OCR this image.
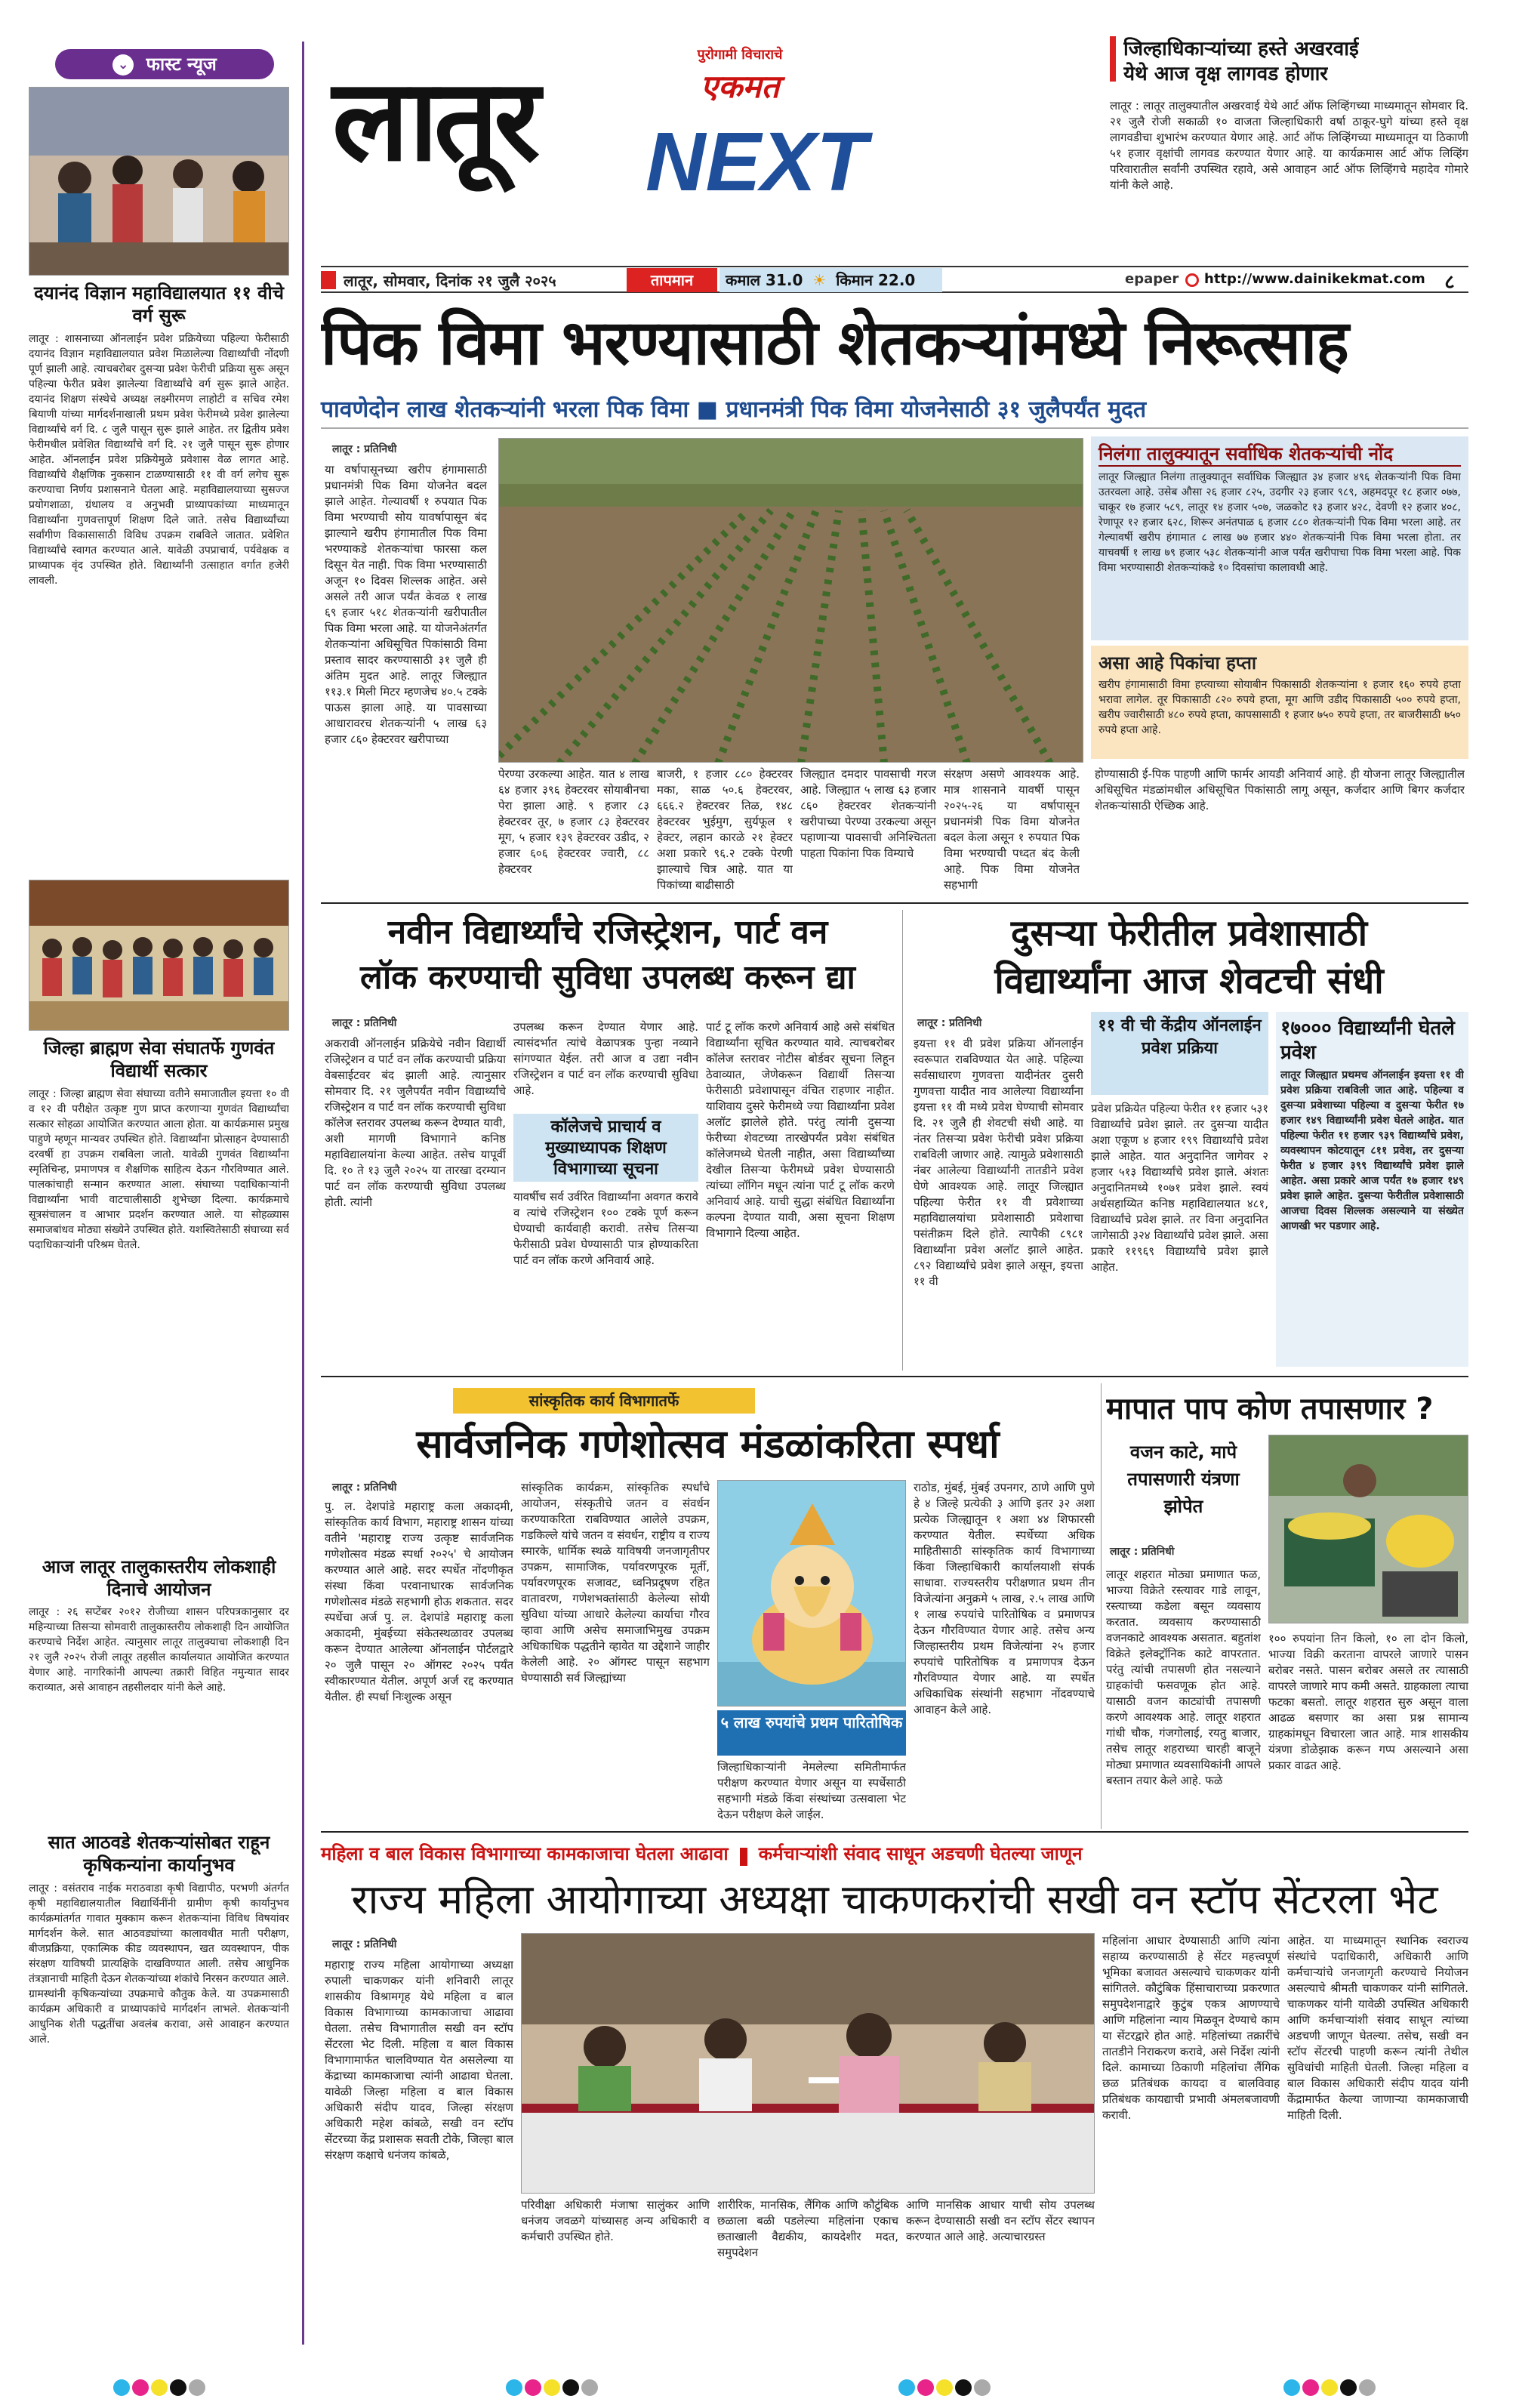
⌄ फास्ट न्यूज
दयानंद विज्ञान महाविद्यालयात ११ वीचे वर्ग सुरू
लातूर : शासनाच्या ऑनलाईन प्रवेश प्रक्रियेच्या पहिल्या फेरीसाठी दयानंद विज्ञान महाविद्यालयात प्रवेश मिळालेल्या विद्यार्थ्यांची नोंदणी पूर्ण झाली आहे. त्याचबरोबर दुसऱ्या प्रवेश फेरीची प्रक्रिया सुरू असून पहिल्या फेरीत प्रवेश झालेल्या विद्यार्थ्यांचे वर्ग सुरू झाले आहेत. दयानंद शिक्षण संस्थेचे अध्यक्ष लक्ष्मीरमण लाहोटी व सचिव रमेश बियाणी यांच्या मार्गदर्शनाखाली प्रथम प्रवेश फेरीमध्ये प्रवेश झालेल्या विद्यार्थ्यांचे वर्ग दि. ८ जुलै पासून सुरू झाले आहेत. तर द्वितीय प्रवेश फेरीमधील प्रवेशित विद्यार्थ्यांचे वर्ग दि. २१ जुलै पासून सुरू होणार आहेत. ऑनलाईन प्रवेश प्रक्रियेमुळे प्रवेशास वेळ लागत आहे. विद्यार्थ्यांचे शैक्षणिक नुकसान टाळण्यासाठी ११ वी वर्ग लगेच सुरू करण्याचा निर्णय प्रशासनाने घेतला आहे. महाविद्यालयाच्या सुसज्ज प्रयोगशाळा, ग्रंथालय व अनुभवी प्राध्यापकांच्या माध्यमातून विद्यार्थ्यांना गुणवत्तापूर्ण शिक्षण दिले जाते. तसेच विद्यार्थ्यांच्या सर्वांगीण विकासासाठी विविध उपक्रम राबविले जातात. प्रवेशित विद्यार्थ्यांचे स्वागत करण्यात आले. यावेळी उपप्राचार्य, पर्यवेक्षक व प्राध्यापक वृंद उपस्थित होते. विद्यार्थ्यांनी उत्साहात वर्गात हजेरी लावली.
जिल्हा ब्राह्मण सेवा संघातर्फे गुणवंत विद्यार्थी सत्कार
लातूर : जिल्हा ब्राह्मण सेवा संघाच्या वतीने समाजातील इयत्ता १० वी व १२ वी परीक्षेत उत्कृष्ट गुण प्राप्त करणाऱ्या गुणवंत विद्यार्थ्यांचा सत्कार सोहळा आयोजित करण्यात आला होता. या कार्यक्रमास प्रमुख पाहुणे म्हणून मान्यवर उपस्थित होते. विद्यार्थ्यांना प्रोत्साहन देण्यासाठी दरवर्षी हा उपक्रम राबविला जातो. यावेळी गुणवंत विद्यार्थ्यांना स्मृतिचिन्ह, प्रमाणपत्र व शैक्षणिक साहित्य देऊन गौरविण्यात आले. पालकांचाही सन्मान करण्यात आला. संघाच्या पदाधिकाऱ्यांनी विद्यार्थ्यांना भावी वाटचालीसाठी शुभेच्छा दिल्या. कार्यक्रमाचे सूत्रसंचालन व आभार प्रदर्शन करण्यात आले. या सोहळ्यास समाजबांधव मोठ्या संख्येने उपस्थित होते. यशस्वितेसाठी संघाच्या सर्व पदाधिकाऱ्यांनी परिश्रम घेतले.
आज लातूर तालुकास्तरीय लोकशाही दिनाचे आयोजन
लातूर : २६ सप्टेंबर २०१२ रोजीच्या शासन परिपत्रकानुसार दर महिन्याच्या तिसऱ्या सोमवारी तालुकास्तरीय लोकशाही दिन आयोजित करण्याचे निर्देश आहेत. त्यानुसार लातूर तालुक्याचा लोकशाही दिन २१ जुलै २०२५ रोजी लातूर तहसील कार्यालयात आयोजित करण्यात येणार आहे. नागरिकांनी आपल्या तक्रारी विहित नमुन्यात सादर कराव्यात, असे आवाहन तहसीलदार यांनी केले आहे.
सात आठवडे शेतकऱ्यांसोबत राहून कृषिकन्यांना कार्यानुभव
लातूर : वसंतराव नाईक मराठवाडा कृषी विद्यापीठ, परभणी अंतर्गत कृषी महाविद्यालयातील विद्यार्थिनींनी ग्रामीण कृषी कार्यानुभव कार्यक्रमांतर्गत गावात मुक्काम करून शेतकऱ्यांना विविध विषयांवर मार्गदर्शन केले. सात आठवड्यांच्या कालावधीत माती परीक्षण, बीजप्रक्रिया, एकात्मिक कीड व्यवस्थापन, खत व्यवस्थापन, पीक संरक्षण याविषयी प्रात्यक्षिके दाखविण्यात आली. तसेच आधुनिक तंत्रज्ञानाची माहिती देऊन शेतकऱ्यांच्या शंकांचे निरसन करण्यात आले. ग्रामस्थांनी कृषिकन्यांच्या उपक्रमाचे कौतुक केले. या उपक्रमासाठी कार्यक्रम अधिकारी व प्राध्यापकांचे मार्गदर्शन लाभले. शेतकऱ्यांनी आधुनिक शेती पद्धतींचा अवलंब करावा, असे आवाहन करण्यात आले.
लातूर
पुरोगामी विचाराचे
एकमत
NEXT
लातूर, सोमवार, दिनांक २१ जुलै २०२५	तापमान	कमाल 31.0 ☀ किमान 22.0	epaper http://www.dainikekmat.com ८
जिल्हाधिकाऱ्यांच्या हस्ते अखरवाई
येथे आज वृक्ष लागवड होणार
लातूर : लातूर तालुक्यातील अखरवाई येथे आर्ट ऑफ लिव्हिंगच्या माध्यमातून सोमवार दि. २१ जुलै रोजी सकाळी १० वाजता जिल्हाधिकारी वर्षा ठाकूर-घुगे यांच्या हस्ते वृक्ष लागवडीचा शुभारंभ करण्यात येणार आहे. आर्ट ऑफ लिव्हिंगच्या माध्यमातून या ठिकाणी ५१ हजार वृक्षांची लागवड करण्यात येणार आहे. या कार्यक्रमास आर्ट ऑफ लिव्हिंग परिवारातील सर्वांनी उपस्थित रहावे, असे आवाहन आर्ट ऑफ लिव्हिंगचे महादेव गोमारे यांनी केले आहे.
पिक विमा भरण्यासाठी शेतकऱ्यांमध्ये निरूत्साह
पावणेदोन लाख शेतकऱ्यांनी भरला पिक विमा ■ प्रधानमंत्री पिक विमा योजनेसाठी ३१ जुलैपर्यंत मुदत
लातूर : प्रतिनिधी
या वर्षापासूनच्या खरीप हंगामासाठी प्रधानमंत्री पिक विमा योजनेत बदल झाले आहेत. गेल्यावर्षी १ रुपयात पिक विमा भरण्याची सोय यावर्षापासून बंद झाल्याने खरीप हंगामातील पिक विमा भरण्याकडे शेतकऱ्यांचा फारसा कल दिसून येत नाही. पिक विमा भरण्यासाठी अजून १० दिवस शिल्लक आहेत. असे असले तरी आज पर्यंत केवळ १ लाख ६९ हजार ५१८ शेतकऱ्यांनी खरीपातील पिक विमा भरला आहे. या योजनेअंतर्गत शेतकऱ्यांना अधिसूचित पिकांसाठी विमा प्रस्ताव सादर करण्यासाठी ३१ जुलै ही अंतिम मुदत आहे. लातूर जिल्ह्यात ११३.१ मिली मिटर म्हणजेच ४०.५ टक्के पाऊस झाला आहे. या पावसाच्या आधारावरच शेतकऱ्यांनी ५ लाख ६३ हजार ८६० हेक्टरवर खरीपाच्या
पेरण्या उरकल्या आहेत. यात ४ लाख ६४ हजार ३९६ हेक्टरवर सोयाबीनचा पेरा झाला आहे. ९ हजार ८३ हेक्टरवर तूर, ७ हजार ८३ हेक्टरवर मूग, ५ हजार १३९ हेक्टरवर उडीद, २ हजार ६०६ हेक्टरवर ज्वारी, ८८ हेक्टरवर
बाजरी, १ हजार ८८० हेक्टरवर मका, साळ ५०.६ हेक्टरवर, ६६६.२ हेक्टरवर तिळ, १४८ हेक्टरवर भुईमुग, सुर्यफूल १ हेक्टर, लहान कारळे २१ हेक्टर अशा प्रकारे ९६.२ टक्के पेरणी झाल्याचे चित्र आहे. यात या पिकांच्या बाढीसाठी
जिल्ह्यात दमदार पावसाची गरज आहे. जिल्ह्यात ५ लाख ६३ हजार ८६० हेक्टरवर शेतकऱ्यांनी खरीपाच्या पेरण्या उरकल्या असून पहाणाऱ्या पावसाची अनिश्चितता पाहता पिकांना पिक विम्याचे
संरक्षण असणे आवश्यक आहे. मात्र शासनाने यावर्षी पासून २०२५-२६ या वर्षापासून प्रधानमंत्री पिक विमा योजनेत बदल केला असून १ रुपयात पिक विमा भरण्याची पध्दत बंद केली आहे. पिक विमा योजनेत सहभागी
निलंगा तालुक्यातून सर्वाधिक शेतकऱ्यांची नोंद
लातूर जिल्ह्यात निलंगा तालुक्यातून सर्वाधिक जिल्ह्यात ३४ हजार ४९६ शेतकऱ्यांनी पिक विमा उतरवला आहे. उसेब औसा २६ हजार ८२५, उदगीर २३ हजार ९८९, अहमदपूर १८ हजार ०७७, चाकूर १७ हजार ५८९, लातूर १४ हजार ५०७, जळकोट १३ हजार ४२८, देवणी १२ हजार ४०८, रेणापूर १२ हजार ६२८, शिरूर अनंतपाळ ६ हजार ८८० शेतकऱ्यांनी पिक विमा भरला आहे. तर गेल्यावर्षी खरीप हंगामात ८ लाख ७७ हजार ४४० शेतकऱ्यांनी पिक विमा भरला होता. तर याचवर्षी १ लाख ७९ हजार ५३८ शेतकऱ्यांनी आज पर्यंत खरीपाचा पिक विमा भरला आहे. पिक विमा भरण्यासाठी शेतकऱ्यांकडे १० दिवसांचा कालावधी आहे.
असा आहे पिकांचा हप्ता
खरीप हंगामासाठी विमा हप्त्याच्या सोयाबीन पिकासाठी शेतकऱ्यांना १ हजार १६० रुपये हप्ता भरावा लागेल. तूर पिकासाठी ८२० रुपये हप्ता, मूग आणि उडीद पिकासाठी ५०० रुपये हप्ता, खरीप ज्वारीसाठी ४८० रुपये हप्ता, कापसासाठी १ हजार ७५० रुपये हप्ता, तर बाजरीसाठी ७५० रुपये हप्ता आहे.
होण्यासाठी ई-पिक पाहणी आणि फार्मर आयडी अनिवार्य आहे. ही योजना लातूर जिल्ह्यातील अधिसूचित मंडळांमधील अधिसूचित पिकांसाठी लागू असून, कर्जदार आणि बिगर कर्जदार शेतकऱ्यांसाठी ऐच्छिक आहे.
नवीन विद्यार्थ्यांचे रजिस्ट्रेशन, पार्ट वन
लॉक करण्याची सुविधा उपलब्ध करून द्या
लातूर : प्रतिनिधी
अकरावी ऑनलाईन प्रक्रियेचे नवीन विद्यार्थी रजिस्ट्रेशन व पार्ट वन लॉक करण्याची प्रक्रिया वेबसाईटवर बंद झाली आहे. त्यानुसार सोमवार दि. २१ जुलैपर्यंत नवीन विद्यार्थ्यांचे रजिस्ट्रेशन व पार्ट वन लॉक करण्याची सुविधा कॉलेज स्तरावर उपलब्ध करून देण्यात यावी, अशी मागणी विभागाने कनिष्ठ महाविद्यालयांना केल्या आहेत. तसेच यापूर्वी दि. १० ते १३ जुलै २०२५ या तारखा दरम्यान पार्ट वन लॉक करण्याची सुविधा उपलब्ध होती. त्यांनी
उपलब्ध करून देण्यात येणार आहे. त्यासंदर्भात त्यांचे वेळापत्रक पुन्हा नव्याने सांगण्यात येईल. तरी आज व उद्या नवीन रजिस्ट्रेशन व पार्ट वन लॉक करण्याची सुविधा आहे.
कॉलेजचे प्राचार्य व मुख्याध्यापक शिक्षण विभागाच्या सूचना
यावर्षीच सर्व उर्वरित विद्यार्थ्यांना अवगत करावे व त्यांचे रजिस्ट्रेशन १०० टक्के पूर्ण करून घेण्याची कार्यवाही करावी. तसेच तिसऱ्या फेरीसाठी प्रवेश घेण्यासाठी पात्र होण्याकरिता पार्ट वन लॉक करणे अनिवार्य आहे.
पार्ट टू लॉक करणे अनिवार्य आहे असे संबंधित विद्यार्थ्यांना सूचित करण्यात यावे. त्याचबरोबर कॉलेज स्तरावर नोटीस बोर्डवर सूचना लिहून ठेवाव्यात, जेणेकरून विद्यार्थी तिसऱ्या फेरीसाठी प्रवेशापासून वंचित राहणार नाहीत. याशिवाय दुसरे फेरीमध्ये ज्या विद्यार्थ्यांना प्रवेश अलॉट झालेले होते. परंतु त्यांनी दुसऱ्या फेरीच्या शेवटच्या तारखेपर्यंत प्रवेश संबंधित कॉलेजमध्ये घेतली नाहीत, असा विद्यार्थ्यांच्या देखील तिसऱ्या फेरीमध्ये प्रवेश घेण्यासाठी त्यांच्या लॉगिन मधून त्यांना पार्ट टू लॉक करणे अनिवार्य आहे. याची सुद्धा संबंधित विद्यार्थ्यांना कल्पना देण्यात यावी, असा सूचना शिक्षण विभागाने दिल्या आहेत.
दुसऱ्या फेरीतील प्रवेशासाठी
विद्यार्थ्यांना आज शेवटची संधी
लातूर : प्रतिनिधी
इयत्ता ११ वी प्रवेश प्रक्रिया ऑनलाईन स्वरूपात राबविण्यात येत आहे. पहिल्या सर्वसाधारण गुणवत्ता यादीनंतर दुसरी गुणवत्ता यादीत नाव आलेल्या विद्यार्थ्यांना इयत्ता ११ वी मध्ये प्रवेश घेण्याची सोमवार दि. २१ जुलै ही शेवटची संधी आहे. या नंतर तिसऱ्या प्रवेश फेरीची प्रवेश प्रक्रिया राबविली जाणार आहे. त्यामुळे प्रवेशासाठी नंबर आलेल्या विद्यार्थ्यांनी तातडीने प्रवेश घेणे आवश्यक आहे. लातूर जिल्ह्यात पहिल्या फेरीत ११ वी प्रवेशाच्या महाविद्यालयांचा प्रवेशासाठी प्रवेशाचा पसंतीक्रम दिले होते. त्यापैकी ८९८१ विद्यार्थ्यांना प्रवेश अलॉट झाले आहेत. ८९२ विद्यार्थ्यांचे प्रवेश झाले असून, इयत्ता ११ वी
११ वी ची केंद्रीय ऑनलाईन प्रवेश प्रक्रिया
प्रवेश प्रक्रियेत पहिल्या फेरीत ११ हजार ५३१ विद्यार्थ्यांचे प्रवेश झाले. तर दुसऱ्या यादीत अशा एकूण ४ हजार १९९ विद्यार्थ्यांचे प्रवेश झाले आहेत. यात अनुदानित जागेवर २ हजार ५१३ विद्यार्थ्यांचे प्रवेश झाले. अंशतः अनुदानितमध्ये १०७१ प्रवेश झाले. स्वयं अर्थसहाय्यित कनिष्ठ महाविद्यालयात ४८१, विद्यार्थ्यांचे प्रवेश झाले. तर विना अनुदानित जागेसाठी ३२४ विद्यार्थ्यांचे प्रवेश झाले. असा प्रकारे ११९६९ विद्यार्थ्यांचे प्रवेश झाले आहेत.
१७००० विद्यार्थ्यांनी घेतले प्रवेश
लातूर जिल्ह्यात प्रथमच ऑनलाईन इयत्ता ११ वी प्रवेश प्रक्रिया राबविली जात आहे. पहिल्या व दुसऱ्या प्रवेशाच्या पहिल्या व दुसऱ्या फेरीत १७ हजार १४९ विद्यार्थ्यांनी प्रवेश घेतले आहेत. यात पहिल्या फेरीत ११ हजार ९३९ विद्यार्थ्यांचे प्रवेश, व्यवस्थापन कोटयातून ८११ प्रवेश, तर दुसऱ्या फेरीत ४ हजार ३९९ विद्यार्थ्यांचे प्रवेश झाले आहेत. असा प्रकारे आज पर्यंत १७ हजार १४९ प्रवेश झाले आहेत. दुसऱ्या फेरीतील प्रवेशासाठी आजचा दिवस शिल्लक असल्याने या संख्येत आणखी भर पडणार आहे.
सांस्कृतिक कार्य विभागातर्फे
सार्वजनिक गणेशोत्सव मंडळांकरिता स्पर्धा
लातूर : प्रतिनिधी
पु. ल. देशपांडे महाराष्ट्र कला अकादमी, सांस्कृतिक कार्य विभाग, महाराष्ट्र शासन यांच्या वतीने 'महाराष्ट्र राज्य उत्कृष्ट सार्वजनिक गणेशोत्सव मंडळ स्पर्धा २०२५' चे आयोजन करण्यात आले आहे. सदर स्पर्धेत नोंदणीकृत संस्था किंवा परवानाधारक सार्वजनिक गणेशोत्सव मंडळे सहभागी होऊ शकतात. सदर स्पर्धेचा अर्ज पु. ल. देशपांडे महाराष्ट्र कला अकादमी, मुंबईच्या संकेतस्थळावर उपलब्ध करून देण्यात आलेल्या ऑनलाईन पोर्टलद्वारे २० जुलै पासून २० ऑगस्ट २०२५ पर्यंत स्वीकारण्यात येतील. अपूर्ण अर्ज रद्द करण्यात येतील. ही स्पर्धा निःशुल्क असून
सांस्कृतिक कार्यक्रम, सांस्कृतिक स्पर्धांचे आयोजन, संस्कृतीचे जतन व संवर्धन करण्याकरिता राबविण्यात आलेले उपक्रम, गडकिल्ले यांचे जतन व संवर्धन, राष्ट्रीय व राज्य स्मारके, धार्मिक स्थळे याविषयी जनजागृतीपर उपक्रम, सामाजिक, पर्यावरणपूरक मूर्ती, पर्यावरणपूरक सजावट, ध्वनिप्रदूषण रहित वातावरण, गणेशभक्तांसाठी केलेल्या सोयी सुविधा यांच्या आधारे केलेल्या कार्याचा गौरव व्हावा आणि असेच समाजाभिमुख उपक्रम अधिकाधिक पद्धतीने व्हावेत या उद्देशाने जाहीर केलेली आहे. २० ऑगस्ट पासून सहभाग घेण्यासाठी सर्व जिल्ह्यांच्या
५ लाख रुपयांचे प्रथम पारितोषिक
जिल्हाधिकाऱ्यांनी नेमलेल्या समितीमार्फत परीक्षण करण्यात येणार असून या स्पर्धेसाठी सहभागी मंडळे किंवा संस्थांच्या उत्सवाला भेट देऊन परीक्षण केले जाईल.
राठोड, मुंबई, मुंबई उपनगर, ठाणे आणि पुणे हे ४ जिल्हे प्रत्येकी ३ आणि इतर ३२ अशा प्रत्येक जिल्ह्यातून १ अशा ४४ शिफारसी करण्यात येतील. स्पर्धेच्या अधिक माहितीसाठी सांस्कृतिक कार्य विभागाच्या किंवा जिल्हाधिकारी कार्यालयाशी संपर्क साधावा. राज्यस्तरीय परीक्षणात प्रथम तीन विजेत्यांना अनुक्रमे ५ लाख, २.५ लाख आणि १ लाख रुपयांचे पारितोषिक व प्रमाणपत्र देऊन गौरविण्यात येणार आहे. तसेच अन्य जिल्हास्तरीय प्रथम विजेत्यांना २५ हजार रुपयांचे पारितोषिक व प्रमाणपत्र देऊन गौरविण्यात येणार आहे. या स्पर्धेत अधिकाधिक संस्थांनी सहभाग नोंदवण्याचे आवाहन केले आहे.
मापात पाप कोण तपासणार ?
वजन काटे, मापे
तपासणारी यंत्रणा
झोपेत
लातूर : प्रतिनिधी
लातूर शहरात मोठ्या प्रमाणात फळ, भाज्या विक्रेते रस्त्यावर गाडे लावून, रस्त्याच्या कडेला बसून व्यवसाय करतात. व्यवसाय करण्यासाठी वजनकाटे आवश्यक असतात. बहुतांश विक्रेते इलेक्ट्रॉनिक काटे वापरतात. परंतु त्यांची तपासणी होत नसल्याने ग्राहकांची फसवणूक होत आहे. यासाठी वजन काट्यांची तपासणी करणे आवश्यक आहे. लातूर शहरात गांधी चौक, गंजगोलाई, रयतु बाजार, तसेच लातूर शहराच्या चारही बाजूने मोठ्या प्रमाणात व्यवसायिकांनी आपले बस्तान तयार केले आहे. फळे
१०० रुपयांना तिन किलो, १० ला दोन किलो, भाज्या विक्री करताना वापरले जाणारे पासन बरोबर नसते. पासन बरोबर असले तर त्यासाठी वापरले जाणारे माप कमी असते. ग्राहकाला त्याचा फटका बसतो. लातूर शहरात सुरु असून वाला आढळ बसणार का असा प्रश्न सामान्य ग्राहकांमधून विचारला जात आहे. मात्र शासकीय यंत्रणा डोळेझाक करून गप्प असल्याने असा प्रकार वाढत आहे.
महिला व बाल विकास विभागाच्या कामकाजाचा घेतला आढावा कर्मचाऱ्यांशी संवाद साधून अडचणी घेतल्या जाणून
राज्य महिला आयोगाच्या अध्यक्षा चाकणकरांची सखी वन स्टॉप सेंटरला भेट
लातूर : प्रतिनिधी
महाराष्ट्र राज्य महिला आयोगाच्या अध्यक्षा रुपाली चाकणकर यांनी शनिवारी लातूर शासकीय विश्रामगृह येथे महिला व बाल विकास विभागाच्या कामकाजाचा आढावा घेतला. तसेच विभागातील सखी वन स्टॉप सेंटरला भेट दिली. महिला व बाल विकास विभागामार्फत चालविण्यात येत असलेल्या या केंद्राच्या कामकाजाचा त्यांनी आढावा घेतला. यावेळी जिल्हा महिला व बाल विकास अधिकारी संदीप यादव, जिल्हा संरक्षण अधिकारी महेश कांबळे, सखी वन स्टॉप सेंटरच्या केंद्र प्रशासक सवती टोके, जिल्हा बाल संरक्षण कक्षाचे धनंजय कांबळे,
परिवीक्षा अधिकारी मंजाषा सालुंकर आणि धनंजय जवळगे यांच्यासह अन्य अधिकारी व कर्मचारी उपस्थित होते.
शारीरिक, मानसिक, लैंगिक आणि कौटुंबिक छळाला बळी पडलेल्या महिलांना एकाच छताखाली वैद्यकीय, कायदेशीर मदत, समुपदेशन
आणि मानसिक आधार याची सोय उपलब्ध करून देण्यासाठी सखी वन स्टॉप सेंटर स्थापन करण्यात आले आहे. अत्याचारग्रस्त
महिलांना आधार देण्यासाठी आणि त्यांना सहाय्य करण्यासाठी हे सेंटर महत्त्वपूर्ण भूमिका बजावत असल्याचे चाकणकर यांनी सांगितले. कौटुंबिक हिंसाचाराच्या प्रकरणात समुपदेशनाद्वारे कुटुंब एकत्र आणण्याचे आणि महिलांना न्याय मिळवून देण्याचे काम या सेंटरद्वारे होत आहे. महिलांच्या तक्रारींचे तातडीने निराकरण करावे, असे निर्देश त्यांनी दिले. कामाच्या ठिकाणी महिलांचा लैंगिक छळ प्रतिबंधक कायदा व बालविवाह प्रतिबंधक कायद्याची प्रभावी अंमलबजावणी करावी.
आहेत. या माध्यमातून स्थानिक स्वराज्य संस्थांचे पदाधिकारी, अधिकारी आणि कर्मचाऱ्यांचे जनजागृती करण्याचे नियोजन असल्याचे श्रीमती चाकणकर यांनी सांगितले. चाकणकर यांनी यावेळी उपस्थित अधिकारी आणि कर्मचाऱ्यांशी संवाद साधून त्यांच्या अडचणी जाणून घेतल्या. तसेच, सखी वन स्टॉप सेंटरची पाहणी करून त्यांनी तेथील सुविधांची माहिती घेतली. जिल्हा महिला व बाल विकास अधिकारी संदीप यादव यांनी केंद्रामार्फत केल्या जाणाऱ्या कामकाजाची माहिती दिली.
